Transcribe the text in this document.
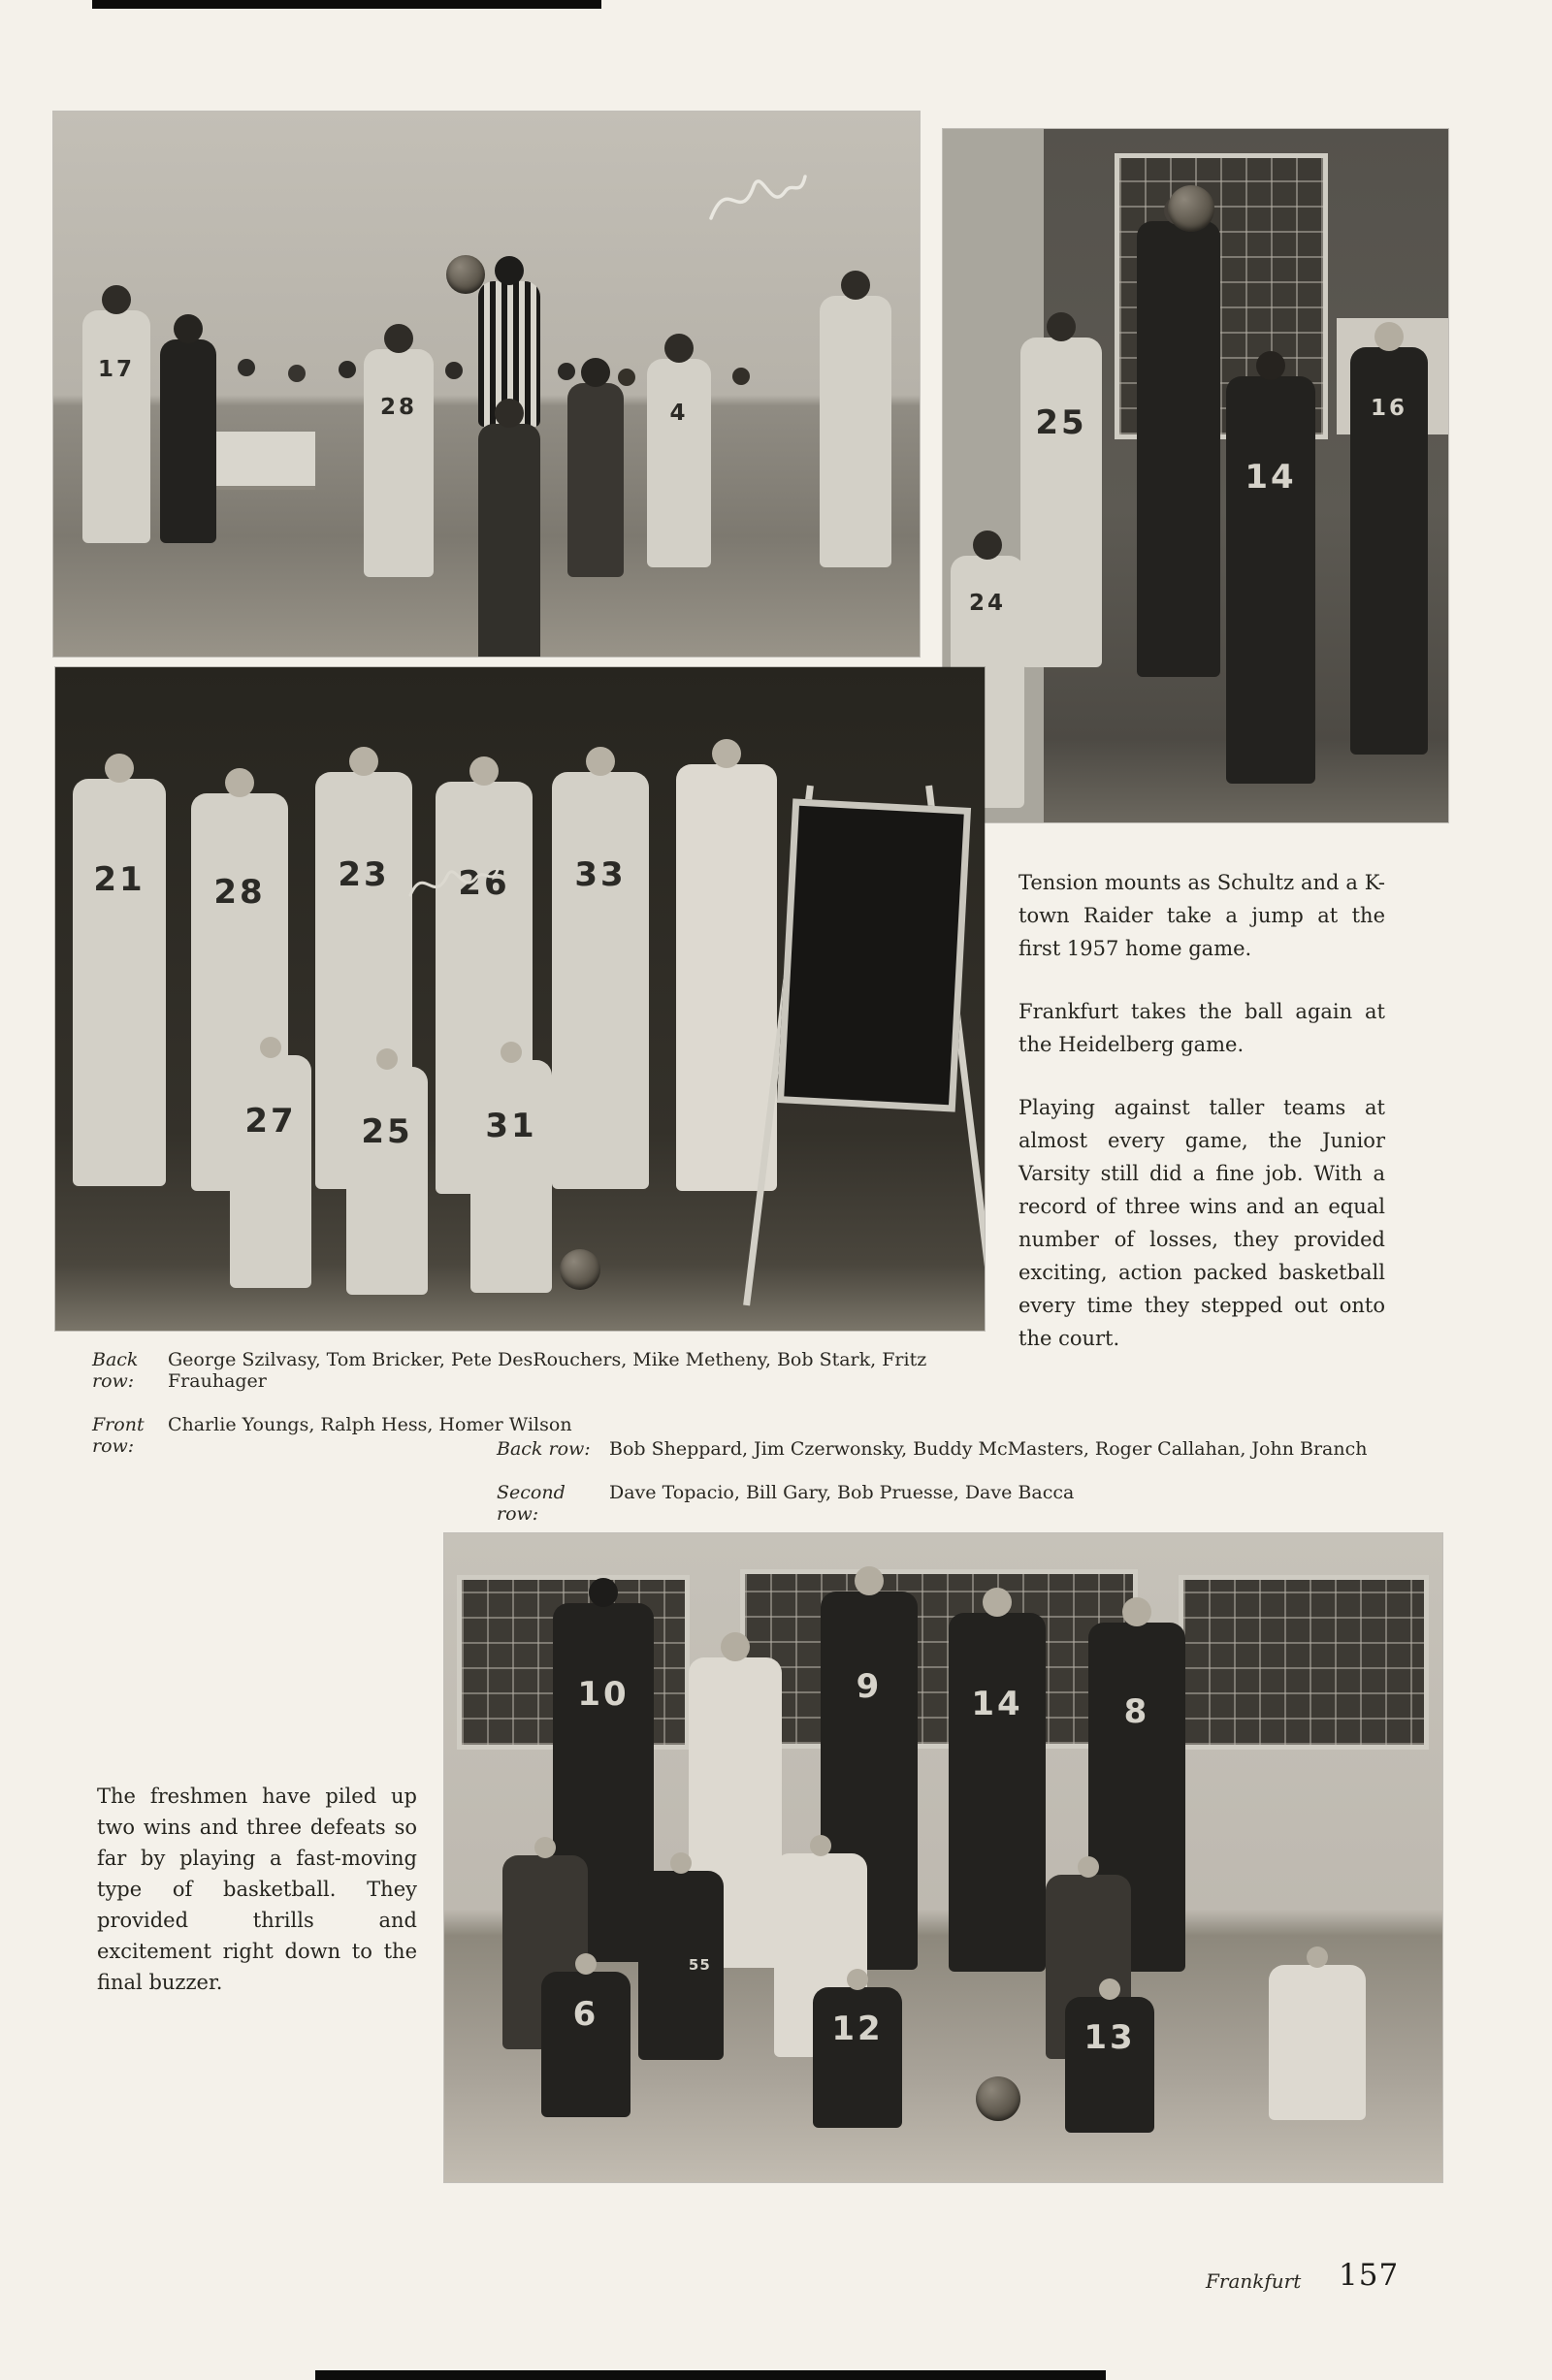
17
28	4	25
14
16
24
21 28 23 26 33
27 25 31

Tension mounts as Schultz and a K-town Raider take a jump at the first 1957 home game.

Frankfurt takes the ball again at the Heidelberg game.

Playing against taller teams at almost every game, the Junior Varsity still did a fine job. With a record of three wins and an equal number of losses, they provided exciting, action packed basketball every time they stepped out onto the court.

Back row:
George Szilvasy, Tom Bricker, Pete DesRouchers, Mike Metheny, Bob Stark, Fritz Frauhager
Front row:
Charlie Youngs, Ralph Hess, Homer Wilson
Back row:	Bob Sheppard, Jim Czerwonsky, Buddy McMasters, Roger Callahan, John Branch
Second row:
Dave Topacio, Bill Gary, Bob Pruesse, Dave Bacca
The freshmen have piled up two wins and three defeats so far by playing a fast-moving type of basketball. They provided thrills and excitement right down to the final buzzer.
10	9	14	8
55
6	12	13
Frankfurt 157
